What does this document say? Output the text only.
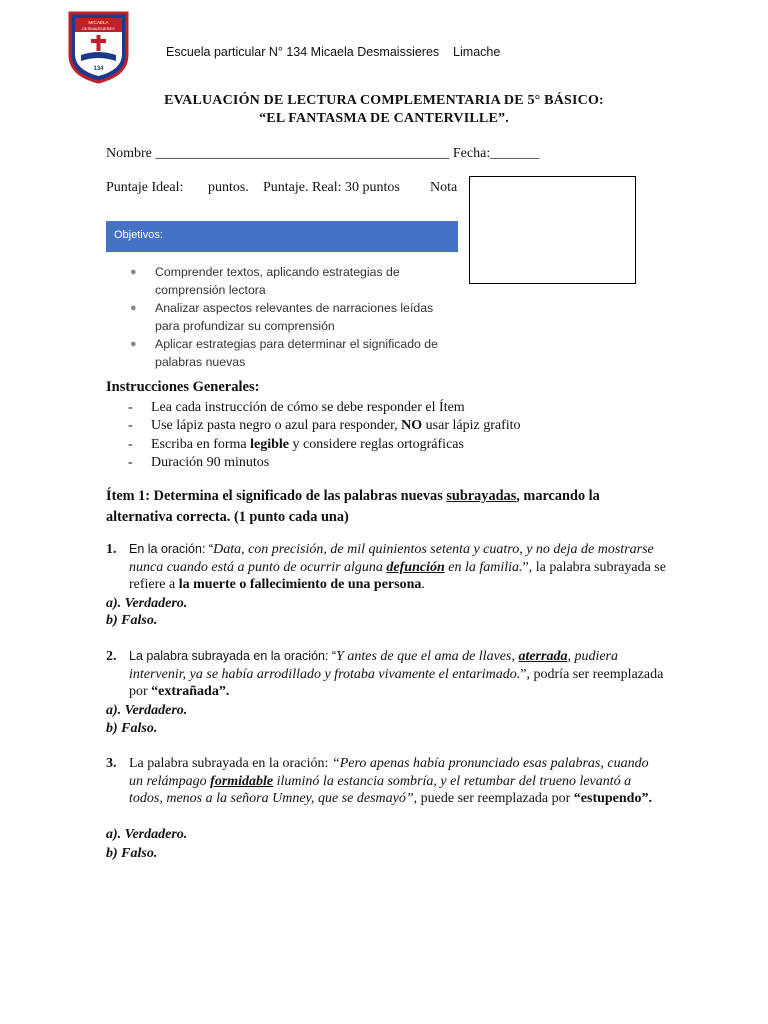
MICAELA
DESMAISSIERES
134
Escuela particular N° 134 Micaela Desmaissieres    Limache
EVALUACIÓN DE LECTURA COMPLEMENTARIA DE 5° BÁSICO:
“EL FANTASMA DE CANTERVILLE”.
Nombre __________________________________________ Fecha:_______
Puntaje Ideal: puntos. Puntaje. Real: 30 puntos Nota
Objetivos:
● Comprender textos, aplicando estrategias de comprensión lectora
● Analizar aspectos relevantes de narraciones leídas para profundizar su comprensión
● Aplicar estrategias para determinar el significado de palabras nuevas
Instrucciones Generales:
- Lea cada instrucción de cómo se debe responder el Ítem
- Use lápiz pasta negro o azul para responder, NO usar lápiz grafito
- Escriba en forma legible y considere reglas ortográficas
- Duración 90 minutos
Ítem 1: Determina el significado de las palabras nuevas subrayadas, marcando la alternativa correcta. (1 punto cada una)
1.	En la oración: “Data, con precisión, de mil quinientos setenta y cuatro, y no deja de mostrarse nunca cuando está a punto de ocurrir alguna defunción en la familia.”, la palabra subrayada se refiere a la muerte o fallecimiento de una persona.
a). Verdadero.
b) Falso.
2.	La palabra subrayada en la oración: “Y antes de que el ama de llaves, aterrada, pudiera intervenir, ya se había arrodillado y frotaba vivamente el entarimado.”, podría ser reemplazada por “extrañada”.
a). Verdadero.
b) Falso.
3. La palabra subrayada en la oración: “Pero apenas había pronunciado esas palabras, cuando un relámpago formidable iluminó la estancia sombría, y el retumbar del trueno levantó a todos, menos a la señora Umney, que se desmayó”, puede ser reemplazada por “estupendo”.
a). Verdadero.
b) Falso.
